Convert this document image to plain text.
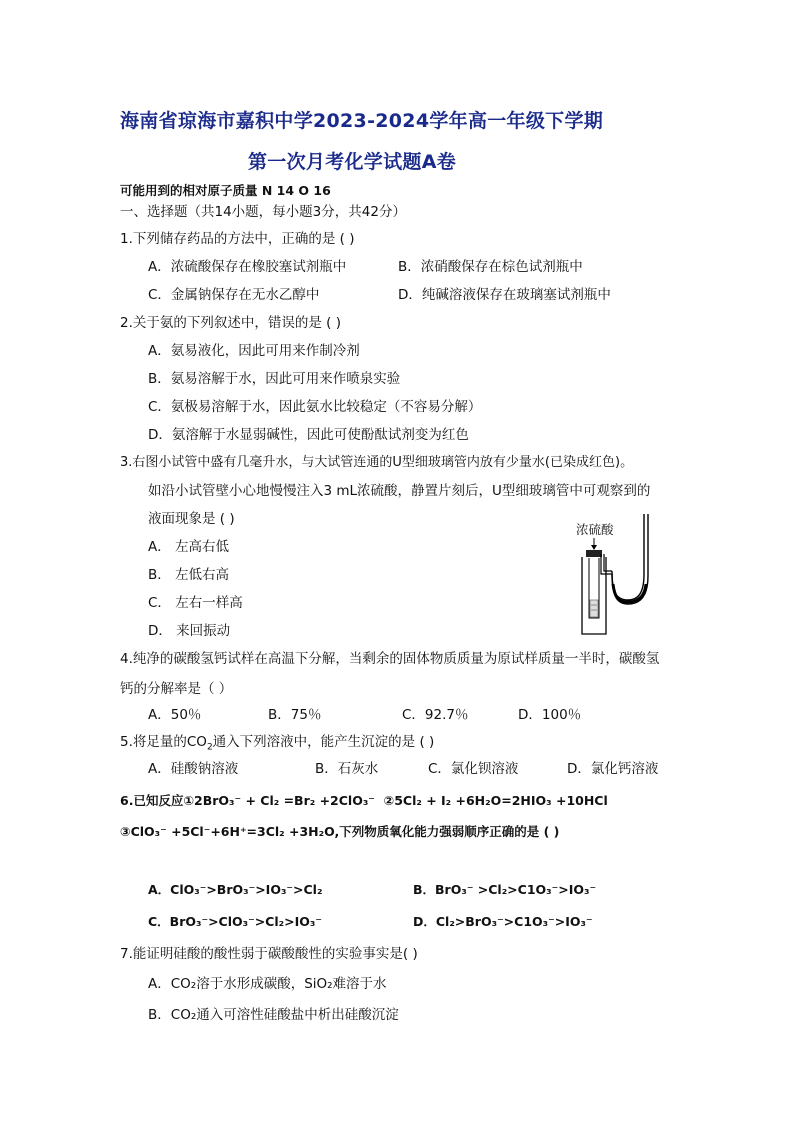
海南省琼海市嘉积中学2023-2024学年高一年级下学期
第一次月考化学试题A卷
可能用到的相对原子质量 N 14 O 16
一、选择题（共14小题，每小题3分，共42分）
1.下列储存药品的方法中，正确的是 ( )
A．浓硫酸保存在橡胶塞试剂瓶中	B．浓硝酸保存在棕色试剂瓶中
C．金属钠保存在无水乙醇中	D．纯碱溶液保存在玻璃塞试剂瓶中
2.关于氨的下列叙述中，错误的是 ( )
A．氨易液化，因此可用来作制冷剂
B．氨易溶解于水，因此可用来作喷泉实验
C．氨极易溶解于水，因此氨水比较稳定（不容易分解）
D．氨溶解于水显弱碱性，因此可使酚酞试剂变为红色
3.右图小试管中盛有几毫升水，与大试管连通的U型细玻璃管内放有少量水(已染成红色)。
如沿小试管壁小心地慢慢注入3 mL浓硫酸，静置片刻后，U型细玻璃管中可观察到的
液面现象是 ( )
A． 左高右低
B． 左低右高
C． 左右一样高
D． 来回振动
浓硫酸
4.纯净的碳酸氢钙试样在高温下分解，当剩余的固体物质质量为原试样质量一半时，碳酸氢
钙的分解率是（ ）
A．50％	B．75％	C．92.7％	D．100％
5.将足量的$CO_2$通入下列溶液中，能产生沉淀的是 ( )
A．硅酸钠溶液	B．石灰水	C．氯化钡溶液	D．氯化钙溶液
6.已知反应①2BrO₃⁻ + Cl₂ =Br₂ +2ClO₃⁻ ②5Cl₂ + I₂ +6H₂O=2HIO₃ +10HCl
③ClO₃⁻ +5Cl⁻+6H⁺=3Cl₂ +3H₂O,下列物质氧化能力强弱顺序正确的是 ( )
A．ClO₃⁻>BrO₃⁻>IO₃⁻>Cl₂	B．BrO₃⁻ >Cl₂>C1O₃⁻>IO₃⁻
C．BrO₃⁻>ClO₃⁻>Cl₂>IO₃⁻	D．Cl₂>BrO₃⁻>C1O₃⁻>IO₃⁻
7.能证明硅酸的酸性弱于碳酸酸性的实验事实是( )
A．CO₂溶于水形成碳酸，SiO₂难溶于水
B．CO₂通入可溶性硅酸盐中析出硅酸沉淀
